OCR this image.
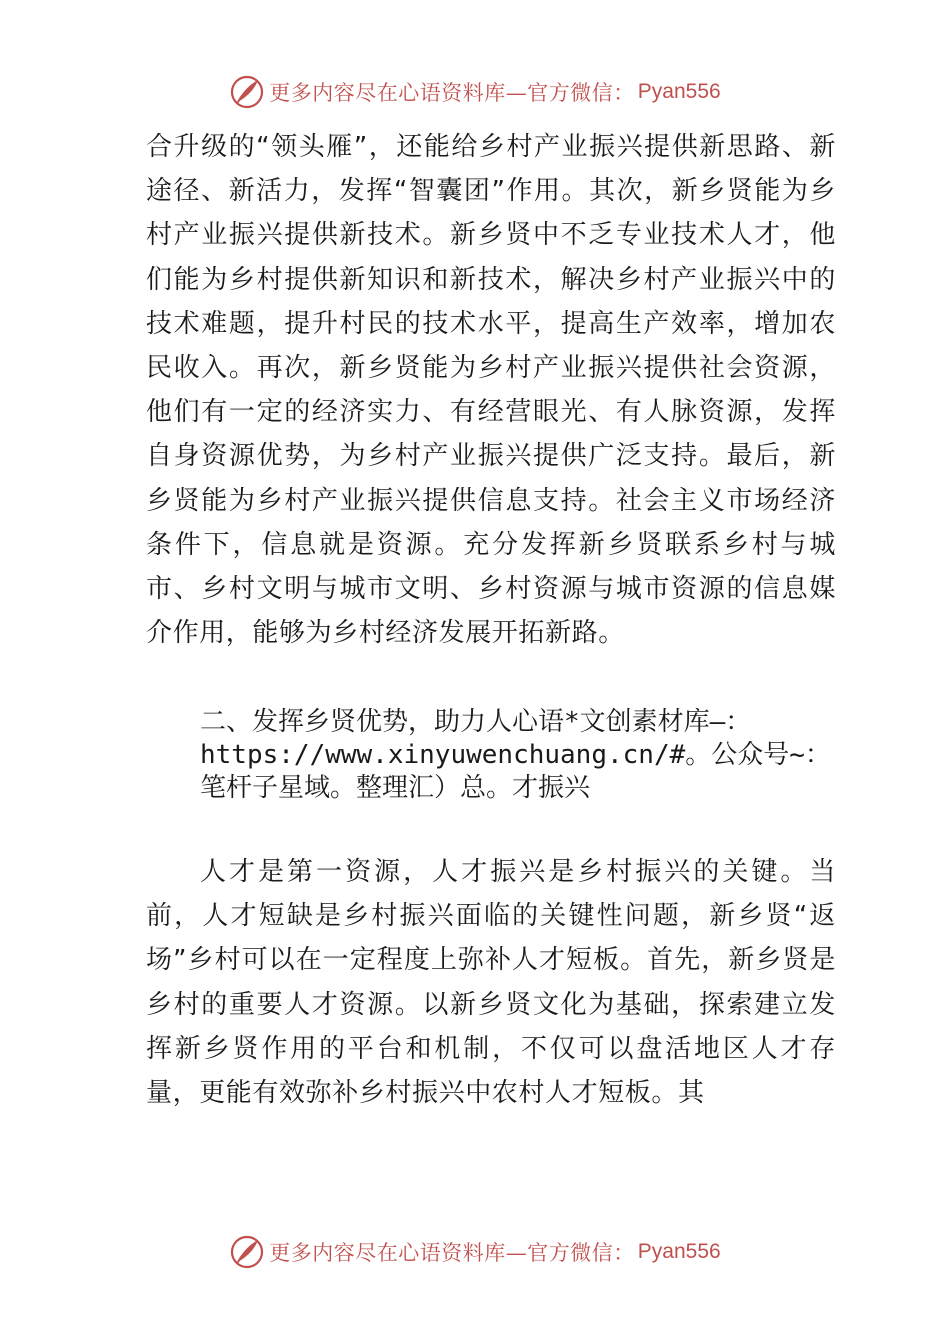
更多内容尽在心语资料库—官方微信： Pyan556

合升级的“领头雁”，还能给乡村产业振兴提供新思路、新途径、新活力，发挥“智囊团”作用。其次，新乡贤能为乡村产业振兴提供新技术。新乡贤中不乏专业技术人才，他们能为乡村提供新知识和新技术，解决乡村产业振兴中的技术难题，提升村民的技术水平，提高生产效率，增加农民收入。再次，新乡贤能为乡村产业振兴提供社会资源，他们有一定的经济实力、有经营眼光、有人脉资源，发挥自身资源优势，为乡村产业振兴提供广泛支持。最后，新乡贤能为乡村产业振兴提供信息支持。社会主义市场经济条件下，信息就是资源。充分发挥新乡贤联系乡村与城市、乡村文明与城市文明、乡村资源与城市资源的信息媒介作用，能够为乡村经济发展开拓新路。

二、发挥乡贤优势，助力人心语*文创素材库—：https://www.xinyuwenchuang.cn/#。公众号~：笔杆子星域。整理汇）总。才振兴

人才是第一资源，人才振兴是乡村振兴的关键。当前，人才短缺是乡村振兴面临的关键性问题，新乡贤“返场”乡村可以在一定程度上弥补人才短板。首先，新乡贤是乡村的重要人才资源。以新乡贤文化为基础，探索建立发挥新乡贤作用的平台和机制，不仅可以盘活地区人才存量，更能有效弥补乡村振兴中农村人才短板。其

更多内容尽在心语资料库—官方微信： Pyan556
